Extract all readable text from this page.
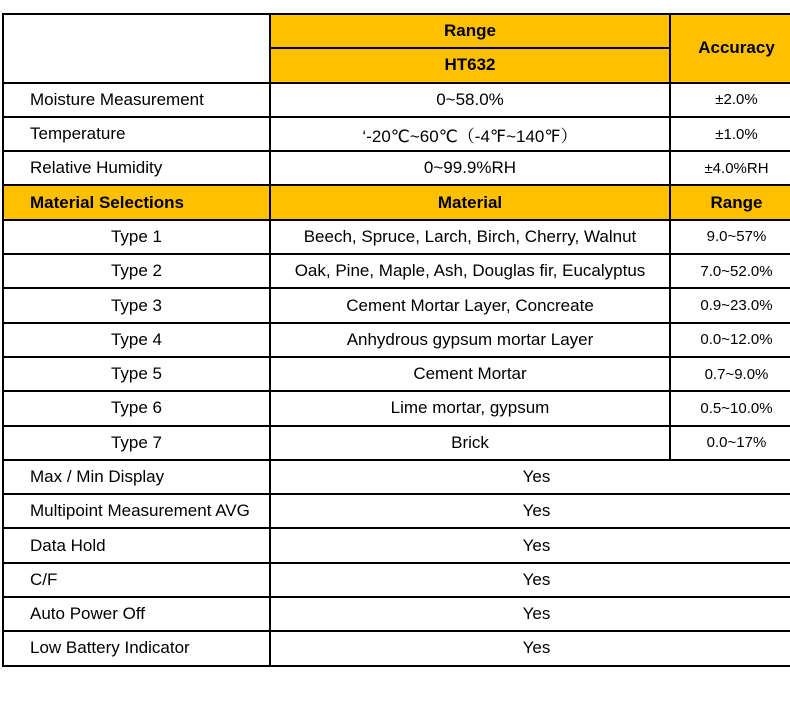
	Range	Accuracy
	HT632	
Moisture Measurement	0~58.0%	±2.0%
Temperature	‘-20℃~60℃（-4℉~140℉）	±1.0%
Relative Humidity	0~99.9%RH	±4.0%RH
Material Selections	Material	Range
Type 1	Beech, Spruce, Larch, Birch, Cherry, Walnut	9.0~57%
Type 2	Oak, Pine, Maple, Ash, Douglas fir, Eucalyptus	7.0~52.0%
Type 3	Cement Mortar Layer, Concreate	0.9~23.0%
Type 4	Anhydrous gypsum mortar Layer	0.0~12.0%
Type 5	Cement Mortar	0.7~9.0%
Type 6	Lime mortar, gypsum	0.5~10.0%
Type 7	Brick	0.0~17%
Max / Min Display	Yes	
Multipoint Measurement AVG	Yes	
Data Hold	Yes	
C/F	Yes	
Auto Power Off	Yes	
Low Battery Indicator	Yes	
